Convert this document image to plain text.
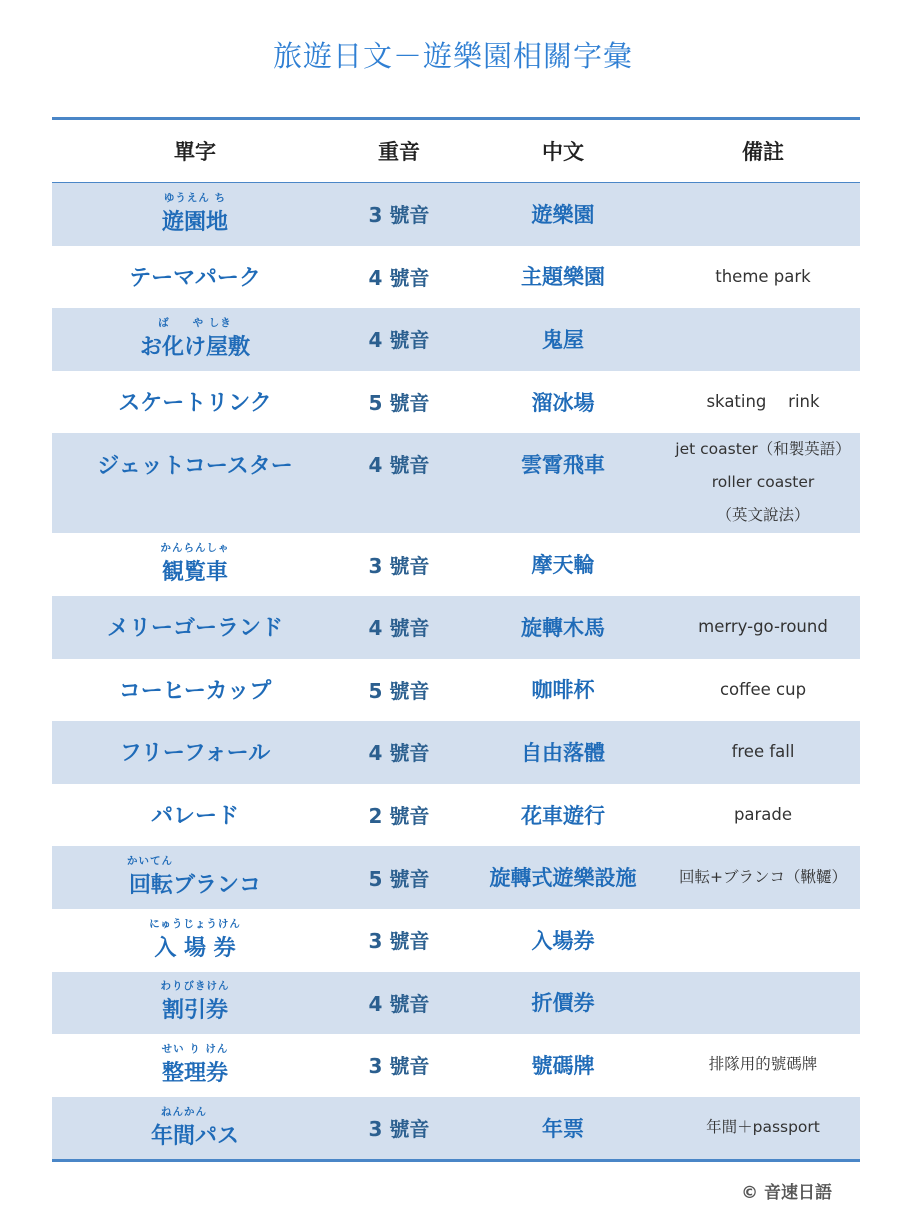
旅遊日文－遊樂園相關字彙
單字	重音	中文	備註
ゆうえん ち
遊園地	3 號音	遊樂園
テーマパーク	4 號音	主題樂園	theme park
ば　　や しき
お化け屋敷	4 號音	鬼屋
スケートリンク	5 號音	溜冰場	skating　 rink
ジェットコースター	4 號音	雲霄飛車
jet coaster（和製英語）
roller coaster
（英文說法）
かんらんしゃ
観覧車	3 號音	摩天輪
メリーゴーランド	4 號音	旋轉木馬	merry-go-round
コーヒーカップ	5 號音	咖啡杯	coffee cup
フリーフォール	4 號音	自由落體	free fall
パレード	2 號音	花車遊行	parade
かいてん
回転ブランコ	5 號音	旋轉式遊樂設施	回転+ブランコ（鞦韆）
にゅうじょうけん
入 場 券	3 號音	入場券
わりびきけん
割引券	4 號音	折價券
せい り けん
整理券	3 號音	號碼牌	排隊用的號碼牌
ねんかん
年間パス	3 號音	年票	年間＋passport
© 音速日語
